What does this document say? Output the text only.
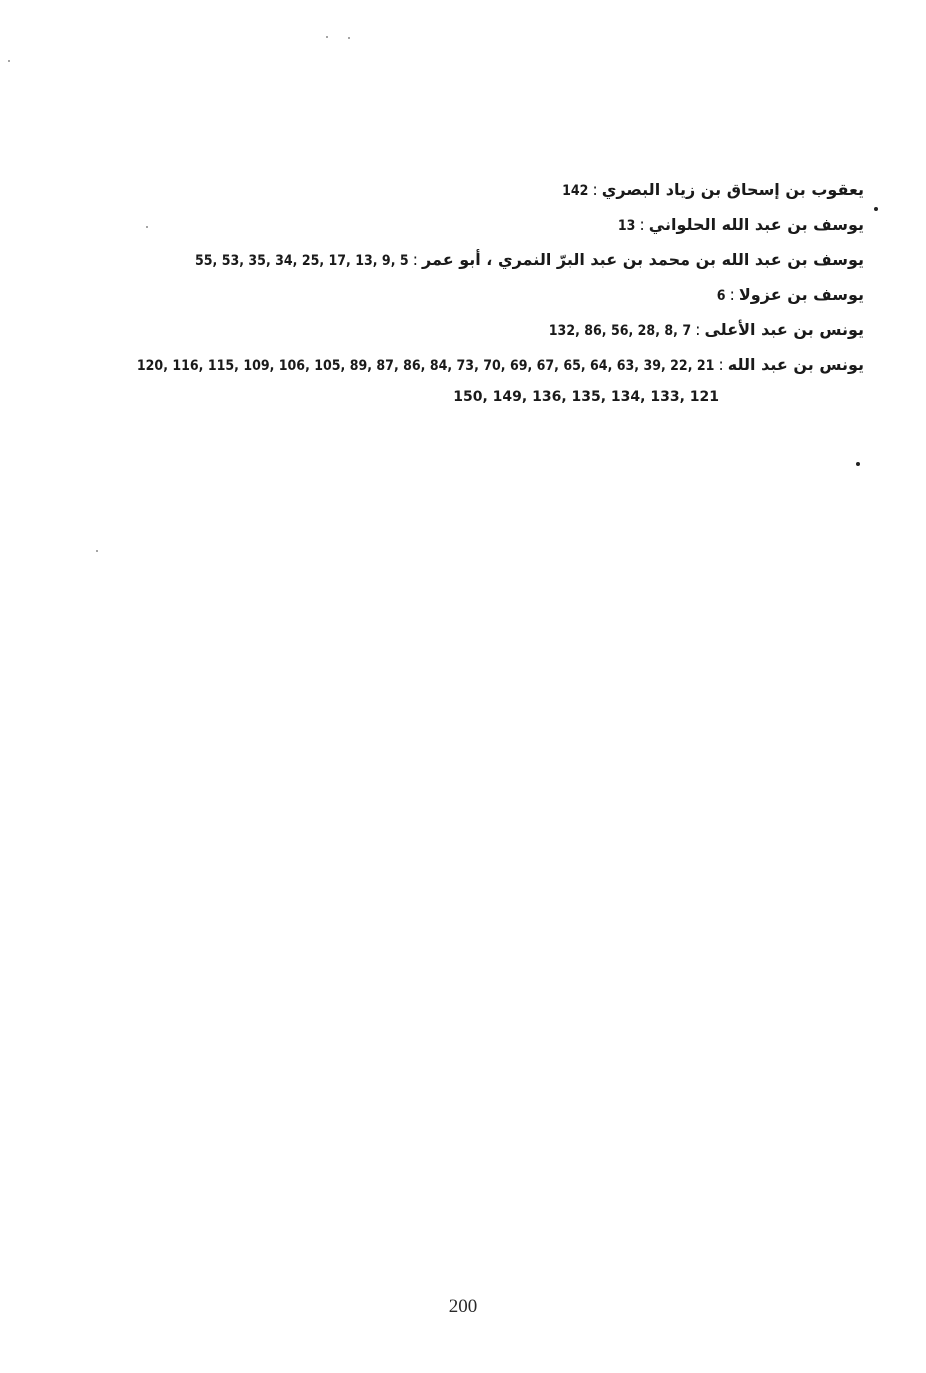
يعقوب بن إسحاق بن زياد البصري:142
يوسف بن عبد الله الحلواني:13
يوسف بن عبد الله بن محمد بن عبد البرّ النمري ، أبو عمر:5 ,9 ,13 ,17 ,25 ,34 ,35 ,53 ,55
يوسف بن عزولا:6
يونس بن عبد الأعلى:7 ,8 ,28 ,56 ,86 ,132
يونس بن عبد الله:21 ,22 ,39 ,63 ,64 ,65 ,67 ,69 ,70 ,73 ,84 ,86 ,87 ,89 ,105 ,106 ,109 ,115 ,116 ,120
150, 149, 136, 135, 134, 133, 121
200
